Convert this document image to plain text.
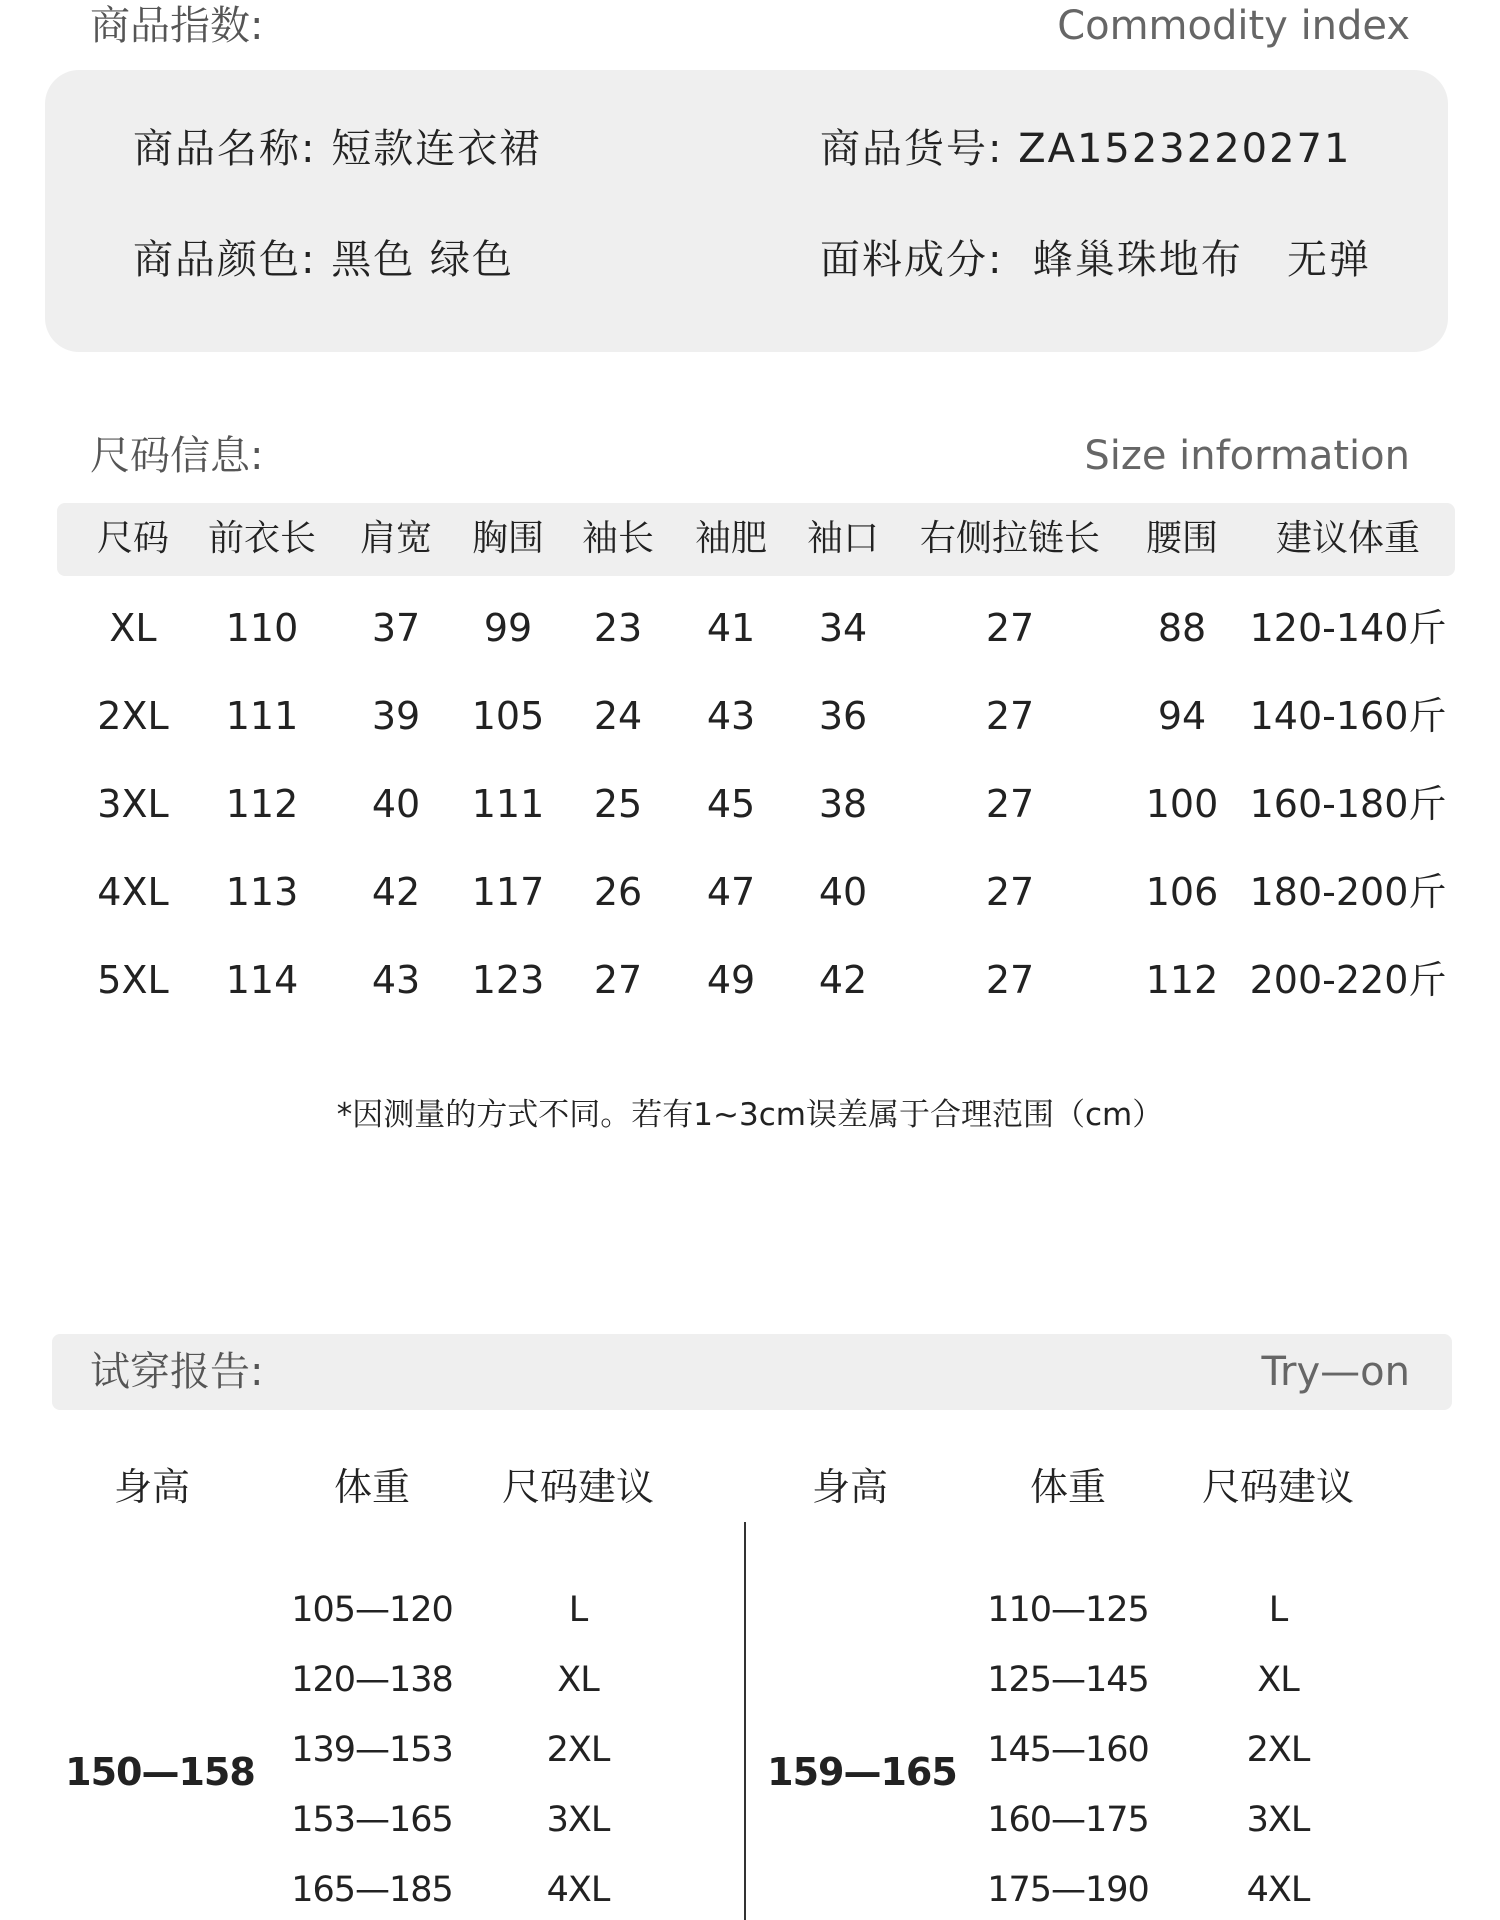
商品指数:	Commodity index
商品名称: 短款连衣裙	商品货号: ZA1523220271
商品颜色: 黑色 绿色	面料成分:  蜂巢珠地布   无弹
尺码信息:	Size information
尺码 前衣长 肩宽 胸围 袖长 袖肥 袖口 右侧拉链长 腰围 建议体重
XL 110 37 99 23 41 34	27	88 120-140斤
2XL 111 39 105 24 43 36	27	94 140-160斤
3XL 112 40 111 25 45 38	27	100 160-180斤
4XL 113 42 117 26 47 40	27	106 180-200斤
5XL 114 43 123 27 49 42	27	112 200-220斤
*因测量的方式不同。若有1~3cm误差属于合理范围（cm）
试穿报告:	Try—on
身高	体重 尺码建议
150—158
105—120	L
120—138	XL
139—153	2XL
153—165	3XL
165—185	4XL
身高	体重	尺码建议
159—165
110—125	L
125—145	XL
145—160	2XL
160—175	3XL
175—190	4XL
